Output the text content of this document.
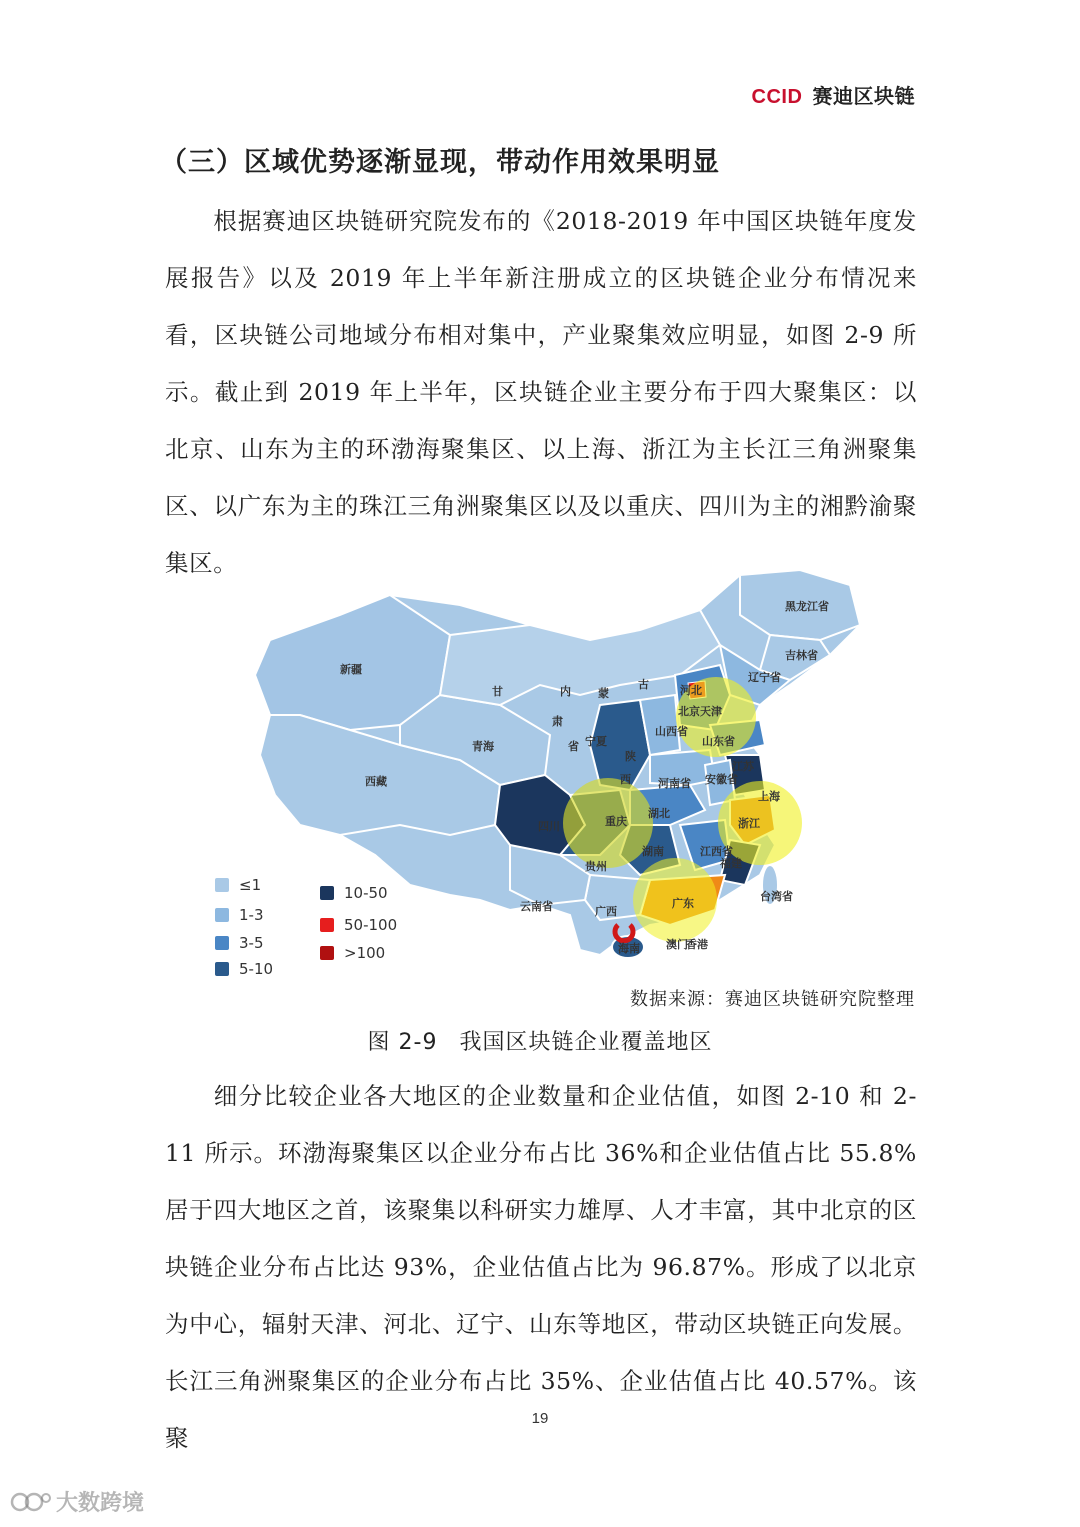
CCID 赛迪区块链
（三）区域优势逐渐显现，带动作用效果明显

根据赛迪区块链研究院发布的《2018-2019 年中国区块链年度发展报告》以及 2019 年上半年新注册成立的区块链企业分布情况来看，区块链公司地域分布相对集中，产业聚集效应明显，如图 2-9 所示。截止到 2019 年上半年，区块链企业主要分布于四大聚集区：以北京、山东为主的环渤海聚集区、以上海、浙江为主长江三角洲聚集区、以广东为主的珠江三角洲聚集区以及以重庆、四川为主的湘黔渝聚集区。

新疆
西藏
青海
甘
肃
省
内 蒙
古
黑龙江省
吉林省
辽宁省
宁夏
陕
西
山西省
河北
北京 天津
山东省
河南省 安徽省
江苏
上海
浙江
湖北
湖南
重庆
四川
贵州
云南省	广西
广东
福建
江西省
台湾省
海南 澳门
香港
≤1
1-3
3-5
5-10
10-50
50-100
>100
数据来源：赛迪区块链研究院整理
图 2-9 我国区块链企业覆盖地区

细分比较企业各大地区的企业数量和企业估值，如图 2-10 和 2-11 所示。环渤海聚集区以企业分布占比 36%和企业估值占比 55.8%居于四大地区之首，该聚集以科研实力雄厚、人才丰富，其中北京的区块链企业分布占比达 93%，企业估值占比为 96.87%。形成了以北京为中心，辐射天津、河北、辽宁、山东等地区，带动区块链正向发展。长江三角洲聚集区的企业分布占比 35%、企业估值占比 40.57%。该聚

19
大数跨境
